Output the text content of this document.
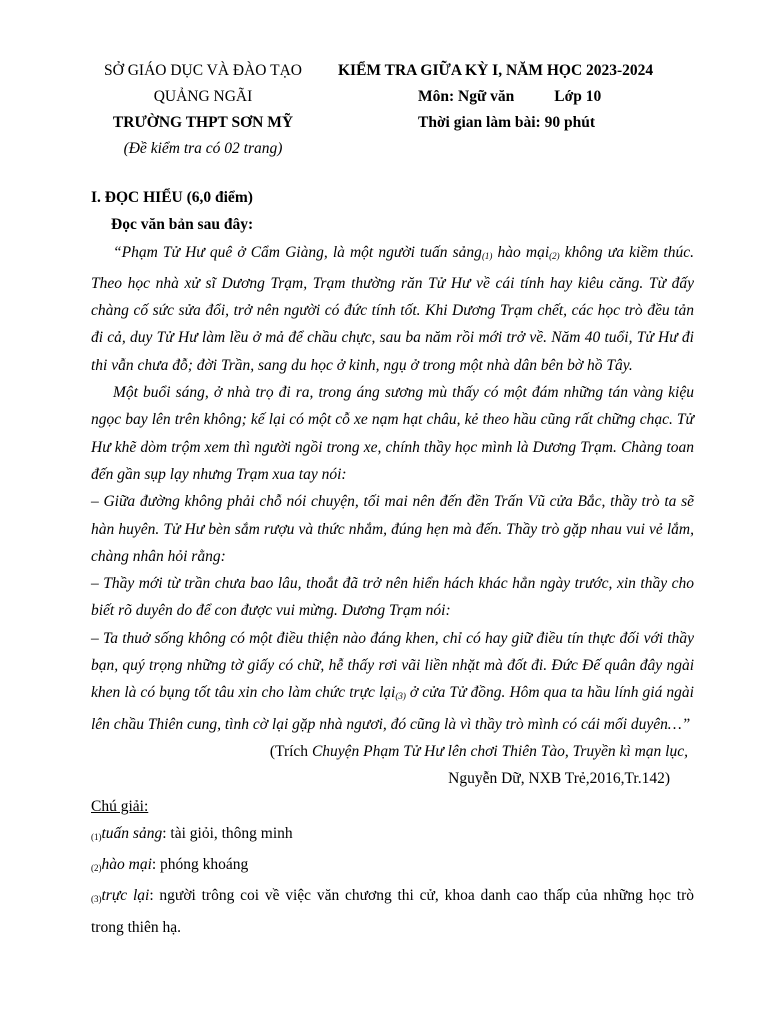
SỞ GIÁO DỤC VÀ ĐÀO TẠO
QUẢNG NGÃI
TRƯỜNG THPT SƠN MỸ
(Đề kiểm tra có 02 trang)
KIỂM TRA GIỮA KỲ I, NĂM HỌC 2023-2024
Môn: Ngữ văn	Lớp 10
Thời gian làm bài: 90 phút
I. ĐỌC HIỂU (6,0 điểm)
Đọc văn bản sau đây:
“Phạm Tử Hư quê ở Cẩm Giàng, là một người tuấn sảng$_{(1)}$ hào mại$_{(2)}$ không ưa kiềm thúc. Theo học nhà xử sĩ Dương Trạm, Trạm thường răn Tử Hư về cái tính hay kiêu căng. Từ đấy chàng cố sức sửa đổi, trở nên người có đức tính tốt. Khi Dương Trạm chết, các học trò đều tản đi cả, duy Tử Hư làm lều ở mả để chầu chực, sau ba năm rồi mới trở về. Năm 40 tuổi, Tử Hư đi thi vẫn chưa đỗ; đời Trần, sang du học ở kinh, ngụ ở trong một nhà dân bên bờ hồ Tây.
Một buổi sáng, ở nhà trọ đi ra, trong áng sương mù thấy có một đám những tán vàng kiệu ngọc bay lên trên không; kế lại có một cỗ xe nạm hạt châu, kẻ theo hầu cũng rất chững chạc. Tử Hư khẽ dòm trộm xem thì người ngồi trong xe, chính thầy học mình là Dương Trạm. Chàng toan đến gần sụp lạy nhưng Trạm xua tay nói:
– Giữa đường không phải chỗ nói chuyện, tối mai nên đến đền Trấn Vũ cửa Bắc, thầy trò ta sẽ hàn huyên. Tử Hư bèn sắm rượu và thức nhắm, đúng hẹn mà đến. Thầy trò gặp nhau vui vẻ lắm, chàng nhân hỏi rằng:
– Thầy mới từ trần chưa bao lâu, thoắt đã trở nên hiển hách khác hẳn ngày trước, xin thầy cho biết rõ duyên do để con được vui mừng. Dương Trạm nói:
– Ta thuở sống không có một điều thiện nào đáng khen, chỉ có hay giữ điều tín thực đối với thầy bạn, quý trọng những tờ giấy có chữ, hễ thấy rơi vãi liền nhặt mà đốt đi. Đức Đế quân đây ngài khen là có bụng tốt tâu xin cho làm chức trực lại$_{(3)}$ ở cửa Tử đồng. Hôm qua ta hầu lính giá ngài lên chầu Thiên cung, tình cờ lại gặp nhà ngươi, đó cũng là vì thầy trò mình có cái mối duyên…”
(Trích Chuyện Phạm Tử Hư lên chơi Thiên Tào, Truyền kì mạn lục,
Nguyễn Dữ, NXB Trẻ,2016,Tr.142)
Chú giải:
$_{(1)}$tuấn sảng: tài giỏi, thông minh
$_{(2)}$hào mại: phóng khoáng
$_{(3)}$trực lại: người trông coi về việc văn chương thi cử, khoa danh cao thấp của những học trò trong thiên hạ.
